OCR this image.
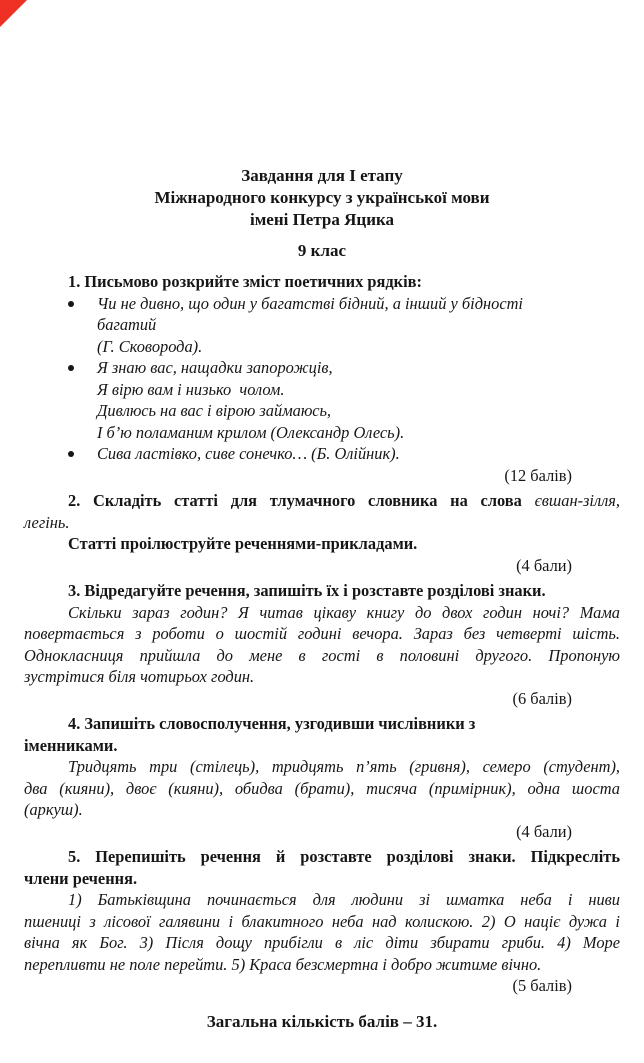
Завдання для І етапу
Міжнародного конкурсу з української мови
імені Петра Яцика
9 клас
1. Письмово розкрийте зміст поетичних рядків:
Чи не дивно, що один у багатстві бідний, а інший у бідності
багатий
(Г. Сковорода).
Я знаю вас, нащадки запорожців,
Я вірю вам і низько  чолом.
Дивлюсь на вас і вірою займаюсь,
І б’ю поламаним крилом (Олександр Олесь).
Сива ластівко, сиве сонечко… (Б. Олійник).
(12 балів)
2. Складіть статті для тлумачного словника на слова євшан-зілля,
легінь.
Статті проілюструйте реченнями-прикладами.
(4 бали)
3. Відредагуйте речення, запишіть їх і розставте розділові знаки.
Скільки зараз годин? Я читав цікаву книгу до двох годин ночі? Мама
повертається з роботи о шостій годині вечора. Зараз без четверті шість.
Однокласниця прийшла до мене в гості в половині другого. Пропоную
зустрітися біля чотирьох годин.
(6 балів)
4. Запишіть словосполучення, узгодивши числівники з
іменниками.
Тридцять три (стілець), тридцять п’ять (гривня), семеро (студент),
два (кияни), двоє (кияни), обидва (брати), тисяча (примірник), одна шоста
(аркуш).
(4 бали)
5. Перепишіть речення й розставте розділові знаки. Підкресліть
члени речення.
1) Батьківщина починається для людини зі шматка неба і ниви
пшениці з лісової галявини і блакитного неба над колискою. 2) О націє дужа і
вічна як Бог. 3) Після дощу прибігли в ліс діти збирати гриби. 4) Море
перепливти не поле перейти. 5) Краса безсмертна і добро житиме вічно.
(5 балів)
Загальна кількість балів – 31.
